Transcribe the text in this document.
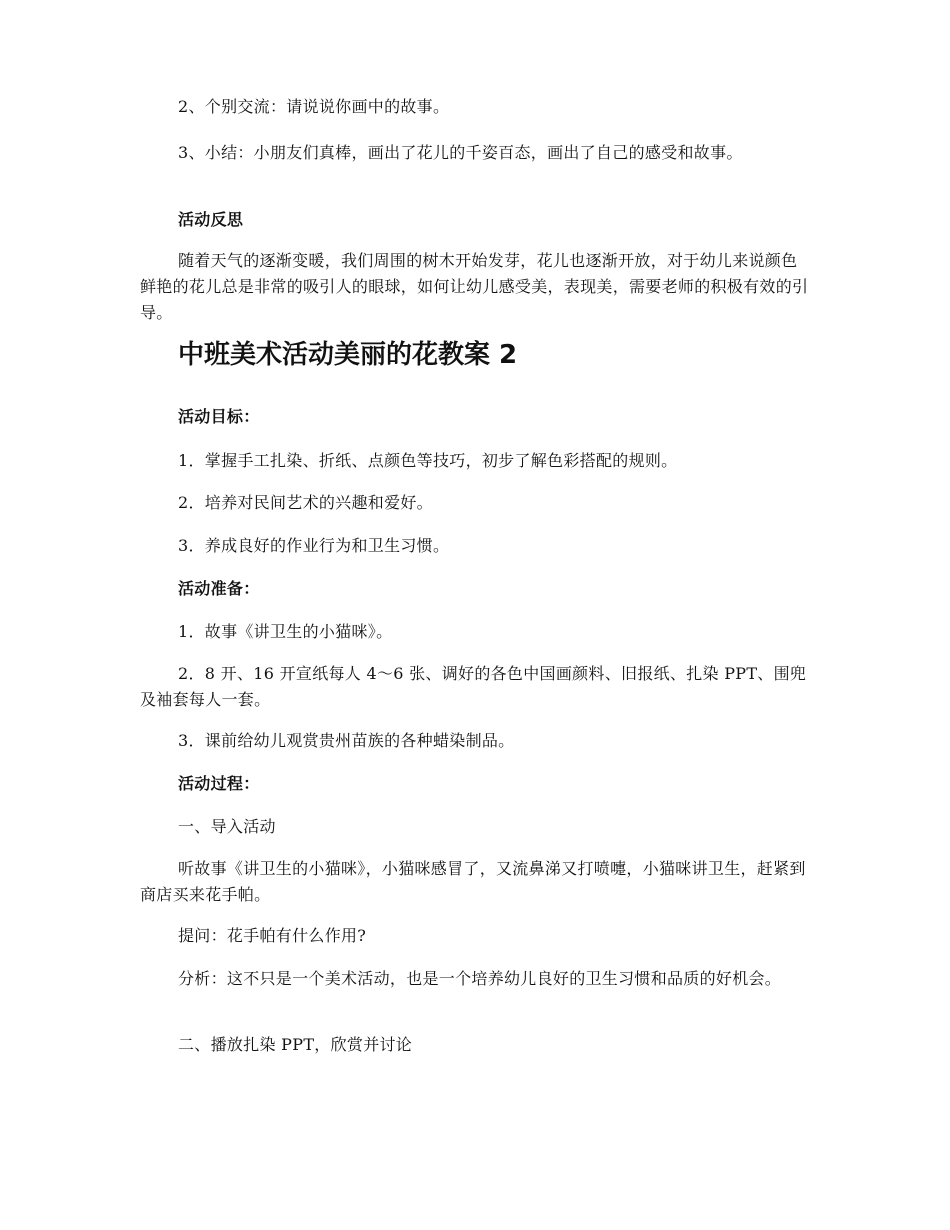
2、个别交流：请说说你画中的故事。

3、小结：小朋友们真棒，画出了花儿的千姿百态，画出了自己的感受和故事。

活动反思

随着天气的逐渐变暖，我们周围的树木开始发芽，花儿也逐渐开放，对于幼儿来说颜色鲜艳的花儿总是非常的吸引人的眼球，如何让幼儿感受美，表现美，需要老师的积极有效的引导。

中班美术活动美丽的花教案 2

活动目标：

1．掌握手工扎染、折纸、点颜色等技巧，初步了解色彩搭配的规则。

2．培养对民间艺术的兴趣和爱好。

3．养成良好的作业行为和卫生习惯。

活动准备：

1．故事《讲卫生的小猫咪》。

2．8 开、16 开宣纸每人 4～6 张、调好的各色中国画颜料、旧报纸、扎染 PPT、围兜及袖套每人一套。

3．课前给幼儿观赏贵州苗族的各种蜡染制品。

活动过程：

一、导入活动

听故事《讲卫生的小猫咪》，小猫咪感冒了，又流鼻涕又打喷嚏，小猫咪讲卫生，赶紧到商店买来花手帕。

提问：花手帕有什么作用?

分析：这不只是一个美术活动，也是一个培养幼儿良好的卫生习惯和品质的好机会。

二、播放扎染 PPT，欣赏并讨论
